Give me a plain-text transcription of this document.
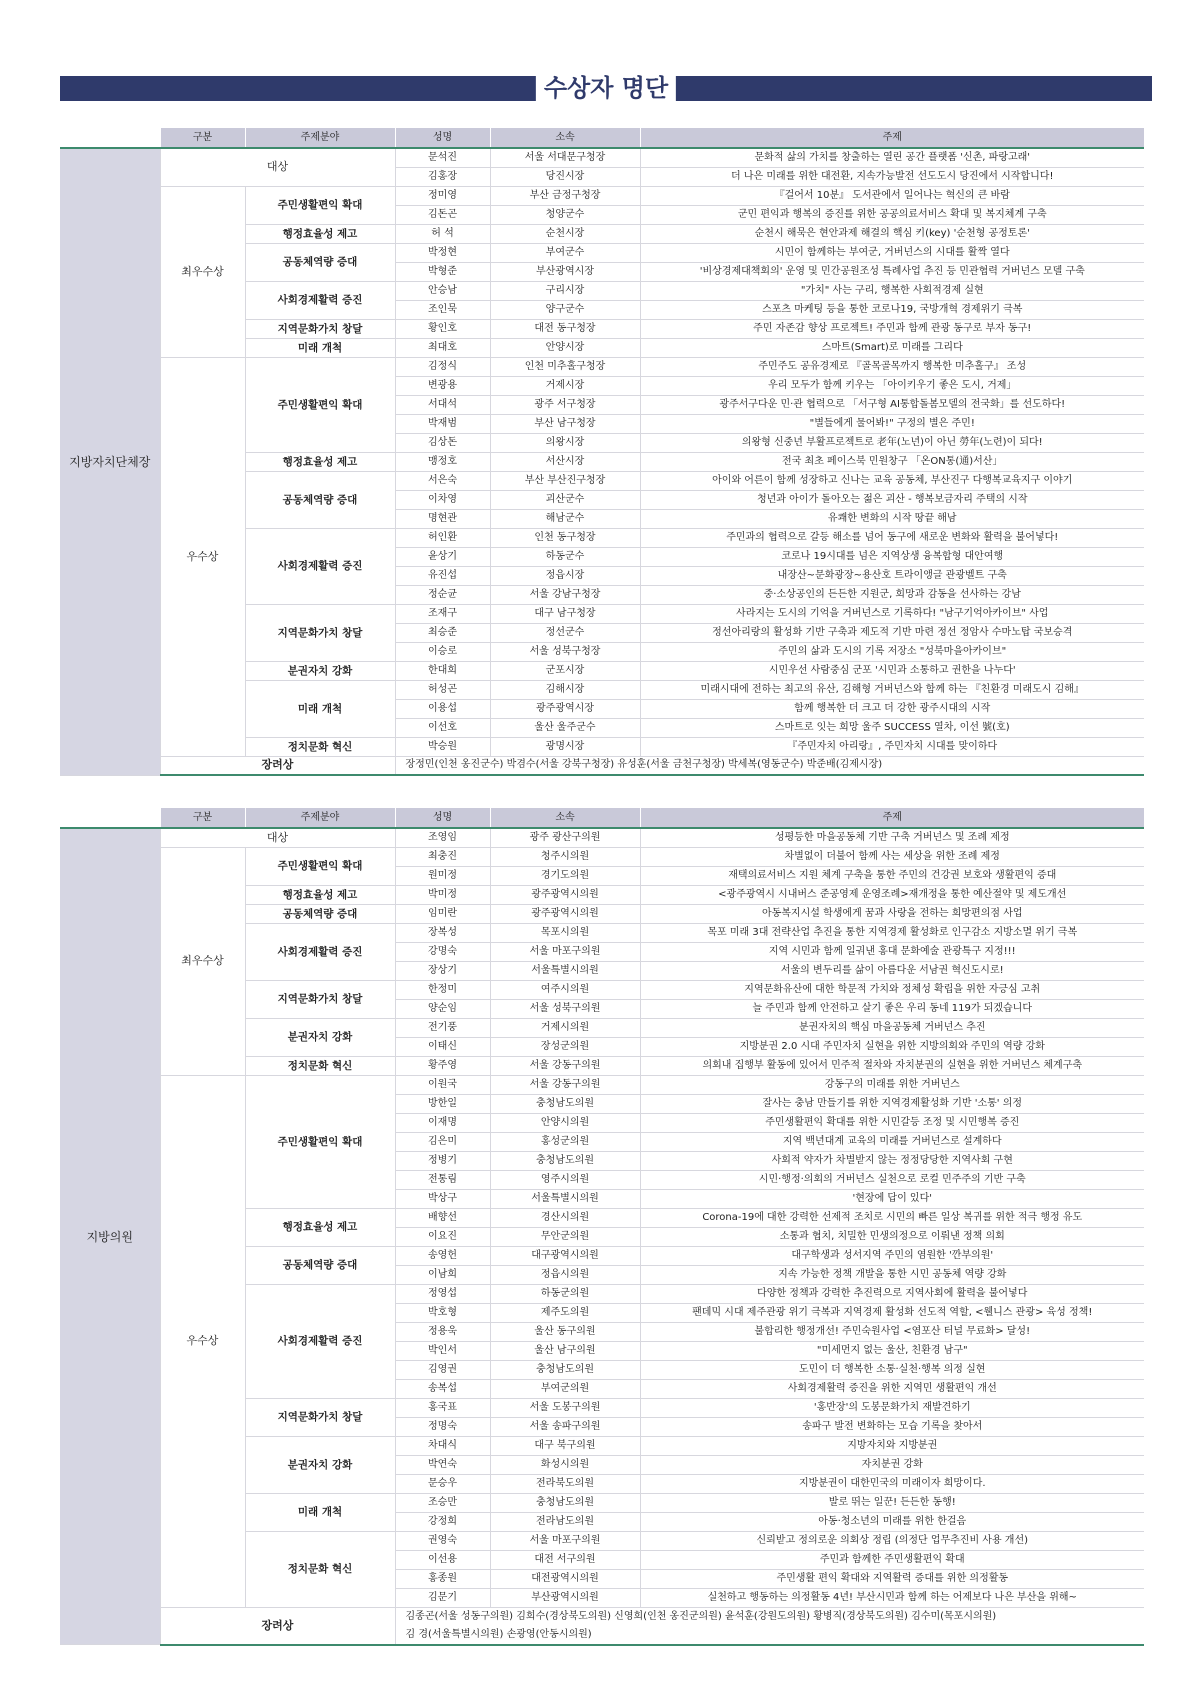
수상자 명단
	구분	주제분야	성명	소속	주제
지방자치단체장	대상		문석진	서울 서대문구청장	문화적 삶의 가치를 창출하는 열린 공간 플랫폼 '신촌, 파랑고래'
			김홍장	당진시장	더 나은 미래를 위한 대전환, 지속가능발전 선도도시 당진에서 시작합니다!
	최우수상	주민생활편익 확대	정미영	부산 금정구청장	『걸어서 10분』 도서관에서 일어나는 혁신의 큰 바람
			김돈곤	청양군수	군민 편익과 행복의 증진를 위한 공공의료서비스 확대 및 복지체계 구축
		행정효율성 제고	허 석	순천시장	순천시 해묵은 현안과제 해결의 핵심 키(key) '순천형 공정토론'
		공동체역량 증대	박정현	부여군수	시민이 함께하는 부여군, 거버넌스의 시대를 활짝 열다
			박형준	부산광역시장	'비상경제대책회의' 운영 및 민간공원조성 특례사업 추진 등 민관협력 거버넌스 모델 구축
		사회경제활력 증진	안승남	구리시장	"가치" 사는 구리, 행복한 사회적경제 실현
			조인묵	양구군수	스포츠 마케팅 등을 통한 코로나19, 국방개혁 경제위기 극복
		지역문화가치 창달	황인호	대전 동구청장	주민 자존감 향상 프로젝트! 주민과 함께 관광 동구로 부자 동구!
		미래 개척	최대호	안양시장	스마트(Smart)로 미래를 그리다
	우수상	주민생활편익 확대	김정식	인천 미추홀구청장	주민주도 공유경제로 『골목골목까지 행복한 미추홀구』 조성
			변광용	거제시장	우리 모두가 함께 키우는 「아이키우기 좋은 도시, 거제」
			서대석	광주 서구청장	광주서구다운 민·관 협력으로 「서구형 AI통합돌봄모델의 전국화」를 선도하다!
			박재범	부산 남구청장	"별들에게 물어봐!" 구정의 별은 주민!
			김상돈	의왕시장	의왕형 신중년 부활프로젝트로 老年(노년)이 아닌 勞年(노련)이 되다!
		행정효율성 제고	맹정호	서산시장	전국 최초 페이스북 민원창구 「온ON통(通)서산」
		공동체역량 증대	서은숙	부산 부산진구청장	아이와 어른이 함께 성장하고 신나는 교육 공동체, 부산진구 다행복교육지구 이야기
			이차영	괴산군수	청년과 아이가 돌아오는 젊은 괴산 - 행복보금자리 주택의 시작
			명현관	해남군수	유쾌한 변화의 시작 땅끝 해남
		사회경제활력 증진	허인환	인천 동구청장	주민과의 협력으로 갈등 해소를 넘어 동구에 새로운 변화와 활력을 불어넣다!
			윤상기	하동군수	코로나 19시대를 넘은 지역상생 융복합형 대안여행
			유진섭	정읍시장	내장산~문화광장~용산호 트라이앵글 관광벨트 구축
			정순균	서울 강남구청장	중·소상공인의 든든한 지원군, 희망과 감동을 선사하는 강남
		지역문화가치 창달	조재구	대구 남구청장	사라지는 도시의 기억을 거버넌스로 기록하다! "남구기억아카이브" 사업
			최승준	정선군수	정선아리랑의 활성화 기반 구축과 제도적 기반 마련 정선 정암사 수마노탑 국보승격
			이승로	서울 성북구청장	주민의 삶과 도시의 기록 저장소 "성북마을아카이브"
		분권자치 강화	한대희	군포시장	시민우선 사람중심 군포 '시민과 소통하고 권한을 나누다'
		미래 개척	허성곤	김해시장	미래시대에 전하는 최고의 유산, 김해형 거버넌스와 함께 하는 『친환경 미래도시 김해』
			이용섭	광주광역시장	함께 행복한 더 크고 더 강한 광주시대의 시작
			이선호	울산 울주군수	스마트로 잇는 희망 울주 SUCCESS 열차, 이선 號(호)
		정치문화 혁신	박승원	광명시장	『주민자치 아리랑』, 주민자치 시대를 맞이하다
	장려상		장정민(인천 옹진군수) 박겸수(서울 강북구청장) 유성훈(서울 금천구청장) 박세복(영동군수) 박준배(김제시장)		
	구분	주제분야	성명	소속	주제
지방의원	대상		조영임	광주 광산구의원	성평등한 마을공동체 기반 구축 거버넌스 및 조례 제정
	최우수상	주민생활편익 확대	최충진	청주시의원	차별없이 더불어 함께 사는 세상을 위한 조례 제정
			원미정	경기도의원	재택의료서비스 지원 체계 구축을 통한 주민의 건강권 보호와 생활편익 증대
		행정효율성 제고	박미정	광주광역시의원	<광주광역시 시내버스 준공영제 운영조례>재개정을 통한 예산절약 및 제도개선
		공동체역량 증대	임미란	광주광역시의원	아동복지시설 학생에게 꿈과 사랑을 전하는 희망편의점 사업
		사회경제활력 증진	장복성	목포시의원	목포 미래 3대 전략산업 추진을 통한 지역경제 활성화로 인구감소 지방소멸 위기 극복
			강명숙	서울 마포구의원	지역 시민과 함께 일궈낸 홍대 문화예술 관광특구 지정!!!
			장상기	서울특별시의원	서울의 변두리를 삶이 아름다운 서남권 혁신도시로!
		지역문화가치 창달	한정미	여주시의원	지역문화유산에 대한 학문적 가치와 정체성 확립을 위한 자긍심 고취
			양순임	서울 성북구의원	늘 주민과 함께 안전하고 살기 좋은 우리 동네 119가 되겠습니다
		분권자치 강화	전기풍	거제시의원	분권자치의 핵심 마을공동체 거버넌스 추진
			이태신	장성군의원	지방분권 2.0 시대 주민자치 실현을 위한 지방의회와 주민의 역량 강화
		정치문화 혁신	황주영	서울 강동구의원	의회내 집행부 활동에 있어서 민주적 절차와 자치분권의 실현을 위한 거버넌스 체계구축
	우수상	주민생활편익 확대	이원국	서울 강동구의원	강동구의 미래를 위한 거버넌스
			방한일	충청남도의원	잘사는 충남 만들기를 위한 지역경제활성화 기반 '소통' 의정
			이재명	안양시의원	주민생활편익 확대를 위한 시민갈등 조정 및 시민행복 증진
			김은미	홍성군의원	지역 백년대계 교육의 미래를 거버넌스로 설계하다
			정병기	충청남도의원	사회적 약자가 차별받지 않는 정정당당한 지역사회 구현
			전통림	영주시의원	시민·행정·의회의 거버넌스 실천으로 로컬 민주주의 기반 구축
			박상구	서울특별시의원	'현장에 답이 있다'
		행정효율성 제고	배향선	경산시의원	Corona-19에 대한 강력한 선제적 조치로 시민의 빠른 일상 복귀를 위한 적극 행정 유도
			이요진	무안군의원	소통과 협치, 치밀한 민생의정으로 이뤄낸 정책 의회
		공동체역량 증대	송영헌	대구광역시의원	대구학생과 성서지역 주민의 염원한 '깐부의원'
			이남희	정읍시의원	지속 가능한 정책 개발을 통한 시민 공동체 역량 강화
		사회경제활력 증진	정영섭	하동군의원	다양한 정책과 강력한 추진력으로 지역사회에 활력을 불어넣다
			박호형	제주도의원	팬데믹 시대 제주관광 위기 극복과 지역경제 활성화 선도적 역할, <웰니스 관광> 육성 정책!
			정용욱	울산 동구의원	불합리한 행정개선! 주민숙원사업 <염포산 터널 무료화> 달성!
			박인서	울산 남구의원	"미세먼지 없는 울산, 친환경 남구"
			김영권	충청남도의원	도민이 더 행복한 소통·실천·행복 의정 실현
			송복섭	부여군의원	사회경제활력 증진을 위한 지역민 생활편익 개선
		지역문화가치 창달	홍국표	서울 도봉구의원	'홍반장'의 도봉문화가치 재발견하기
			정명숙	서울 송파구의원	송파구 발전 변화하는 모습 기록을 찾아서
		분권자치 강화	차대식	대구 북구의원	지방자치와 지방분권
			박연숙	화성시의원	자치분권 강화
			문승우	전라북도의원	지방분권이 대한민국의 미래이자 희망이다.
		미래 개척	조승만	충청남도의원	발로 뛰는 일꾼! 든든한 동행!
			강정희	전라남도의원	아동·청소년의 미래를 위한 한걸음
		정치문화 혁신	권영숙	서울 마포구의원	신뢰받고 정의로운 의회상 정립 (의정단 업무추진비 사용 개선)
			이선용	대전 서구의원	주민과 함께한 주민생활편익 확대
			홍종원	대전광역시의원	주민생활 편익 확대와 지역활력 증대를 위한 의정활동
			김문기	부산광역시의원	실천하고 행동하는 의정활동 4년! 부산시민과 함께 하는 어제보다 나은 부산을 위해~
	장려상		김종곤(서울 성동구의원) 김희수(경상북도의원) 신영희(인천 옹진군의원) 윤석훈(강원도의원) 황병직(경상북도의원) 김수미(목포시의원)
김 경(서울특별시의원) 손광영(안동시의원)		
